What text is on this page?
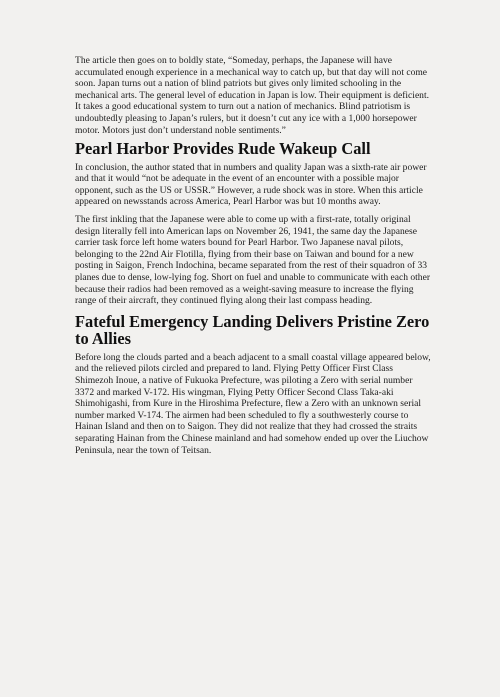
The article then goes on to boldly state, “Someday, perhaps, the Japanese will have accumulated enough experience in a mechanical way to catch up, but that day will not come soon. Japan turns out a nation of blind patriots but gives only limited schooling in the mechanical arts. The general level of education in Japan is low. Their equipment is deficient. It takes a good educational system to turn out a nation of mechanics. Blind patriotism is undoubtedly pleasing to Japan’s rulers, but it doesn’t cut any ice with a 1,000 horsepower motor. Motors just don’t understand noble sentiments.”

Pearl Harbor Provides Rude Wakeup Call

In conclusion, the author stated that in numbers and quality Japan was a sixth-rate air power and that it would “not be adequate in the event of an encounter with a possible major opponent, such as the US or USSR.” However, a rude shock was in store. When this article appeared on newsstands across America, Pearl Harbor was but 10 months away.

The first inkling that the Japanese were able to come up with a first-rate, totally original design literally fell into American laps on November 26, 1941, the same day the Japanese carrier task force left home waters bound for Pearl Harbor. Two Japanese naval pilots, belonging to the 22nd Air Flotilla, flying from their base on Taiwan and bound for a new posting in Saigon, French Indochina, became separated from the rest of their squadron of 33 planes due to dense, low-lying fog. Short on fuel and unable to communicate with each other because their radios had been removed as a weight-saving measure to increase the flying range of their aircraft, they continued flying along their last compass heading.

Fateful Emergency Landing Delivers Pristine Zero to Allies

Before long the clouds parted and a beach adjacent to a small coastal village appeared below, and the relieved pilots circled and prepared to land. Flying Petty Officer First Class Shimezoh Inoue, a native of Fukuoka Prefecture, was piloting a Zero with serial number 3372 and marked V-172. His wingman, Flying Petty Officer Second Class Taka-aki Shimohigashi, from Kure in the Hiroshima Prefecture, flew a Zero with an unknown serial number marked V-174. The airmen had been scheduled to fly a southwesterly course to Hainan Island and then on to Saigon. They did not realize that they had crossed the straits separating Hainan from the Chinese mainland and had somehow ended up over the Liuchow Peninsula, near the town of Teitsan.
